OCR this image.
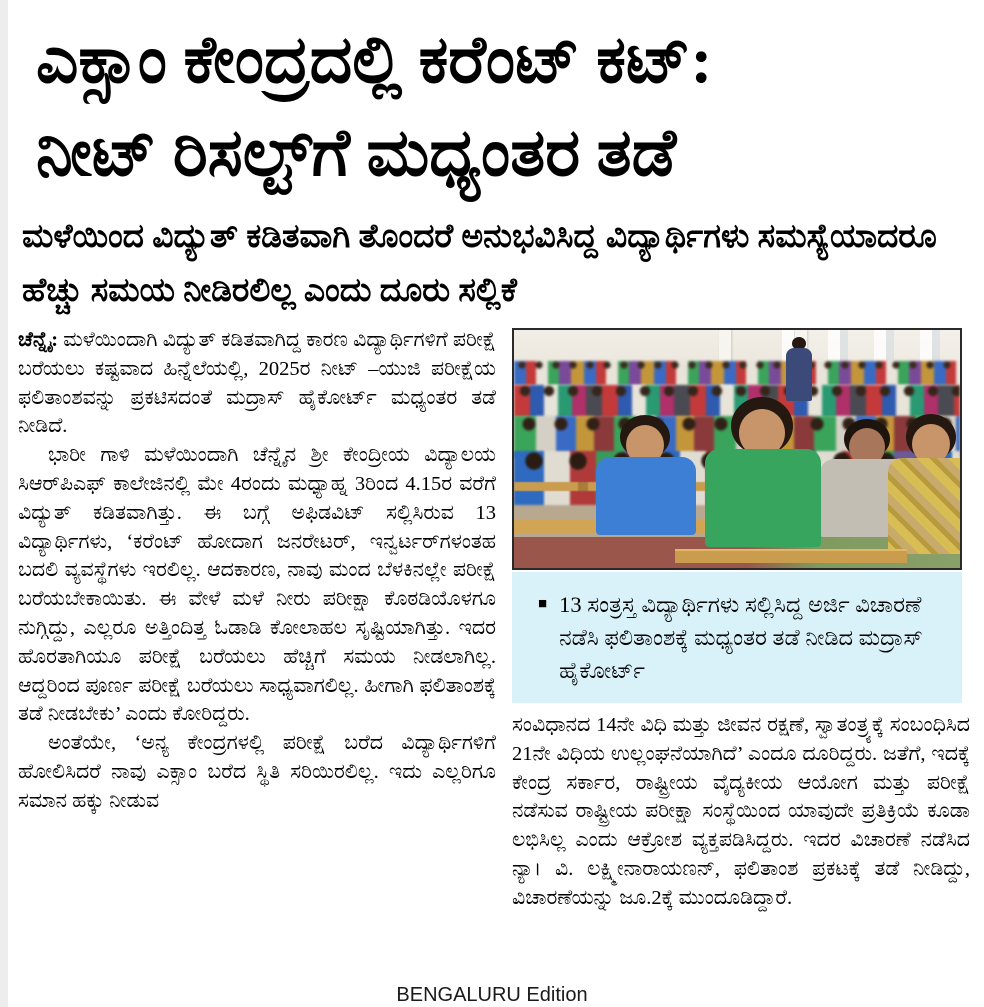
ಎಕ್ಸಾಂ ಕೇಂದ್ರದಲ್ಲಿ ಕರೆಂಟ್ ಕಟ್:
ನೀಟ್ ರಿಸಲ್ಟ್‌ಗೆ ಮಧ್ಯಂತರ ತಡೆ
ಮಳೆಯಿಂದ ವಿದ್ಯುತ್ ಕಡಿತವಾಗಿ ತೊಂದರೆ ಅನುಭವಿಸಿದ್ದ ವಿದ್ಯಾರ್ಥಿಗಳು ಸಮಸ್ಯೆಯಾದರೂ ಹೆಚ್ಚು ಸಮಯ ನೀಡಿರಲಿಲ್ಲ ಎಂದು ದೂರು ಸಲ್ಲಿಕೆ

ಚೆನ್ನೈ: ಮಳೆಯಿಂದಾಗಿ ವಿದ್ಯುತ್ ಕಡಿತವಾಗಿದ್ದ ಕಾರಣ ವಿದ್ಯಾರ್ಥಿಗಳಿಗೆ ಪರೀಕ್ಷೆ ಬರೆಯಲು ಕಷ್ಟವಾದ ಹಿನ್ನೆಲೆಯಲ್ಲಿ, 2025ರ ನೀಟ್ –ಯುಜಿ ಪರೀಕ್ಷೆಯ ಫಲಿತಾಂಶವನ್ನು ಪ್ರಕಟಿಸದಂತೆ ಮದ್ರಾಸ್ ಹೈಕೋರ್ಟ್ ಮಧ್ಯಂತರ ತಡೆ ನೀಡಿದೆ.

ಭಾರೀ ಗಾಳಿ ಮಳೆಯಿಂದಾಗಿ ಚೆನ್ನೈನ ಶ್ರೀ ಕೇಂದ್ರೀಯ ವಿದ್ಯಾಲಯ ಸಿಆರ್‌ಪಿಎಫ್ ಕಾಲೇಜಿನಲ್ಲಿ ಮೇ 4ರಂದು ಮಧ್ಯಾಹ್ನ 3ರಿಂದ 4.15ರ ವರೆಗೆ ವಿದ್ಯುತ್ ಕಡಿತವಾಗಿತ್ತು. ಈ ಬಗ್ಗೆ ಅಫಿಡವಿಟ್ ಸಲ್ಲಿಸಿರುವ 13 ವಿದ್ಯಾರ್ಥಿಗಳು, ‘ಕರೆಂಟ್ ಹೋದಾಗ ಜನರೇಟರ್, ಇನ್ವರ್ಟರ್‌ಗಳಂತಹ ಬದಲಿ ವ್ಯವಸ್ಥೆಗಳು ಇರಲಿಲ್ಲ. ಆದಕಾರಣ, ನಾವು ಮಂದ ಬೆಳಕಿನಲ್ಲೇ ಪರೀಕ್ಷೆ ಬರೆಯಬೇಕಾಯಿತು. ಈ ವೇಳೆ ಮಳೆ ನೀರು ಪರೀಕ್ಷಾ ಕೊಠಡಿಯೊಳಗೂ ನುಗ್ಗಿದ್ದು, ಎಲ್ಲರೂ ಅತ್ತಿಂದಿತ್ತ ಓಡಾಡಿ ಕೋಲಾಹಲ ಸೃಷ್ಟಿಯಾಗಿತ್ತು. ಇದರ ಹೊರತಾಗಿಯೂ ಪರೀಕ್ಷೆ ಬರೆಯಲು ಹೆಚ್ಚಿಗೆ ಸಮಯ ನೀಡಲಾಗಿಲ್ಲ. ಆದ್ದರಿಂದ ಪೂರ್ಣ ಪರೀಕ್ಷೆ ಬರೆಯಲು ಸಾಧ್ಯವಾಗಲಿಲ್ಲ. ಹೀಗಾಗಿ ಫಲಿತಾಂಶಕ್ಕೆ ತಡೆ ನೀಡಬೇಕು’ ಎಂದು ಕೋರಿದ್ದರು.

ಅಂತೆಯೇ, ‘ಅನ್ಯ ಕೇಂದ್ರಗಳಲ್ಲಿ ಪರೀಕ್ಷೆ ಬರೆದ ವಿದ್ಯಾರ್ಥಿಗಳಿಗೆ ಹೋಲಿಸಿದರೆ ನಾವು ಎಕ್ಸಾಂ ಬರೆದ ಸ್ಥಿತಿ ಸರಿಯಿರಲಿಲ್ಲ. ಇದು ಎಲ್ಲರಿಗೂ ಸಮಾನ ಹಕ್ಕು ನೀಡುವ

■ 13 ಸಂತ್ರಸ್ತ ವಿದ್ಯಾರ್ಥಿಗಳು ಸಲ್ಲಿಸಿದ್ದ ಅರ್ಜಿ ವಿಚಾರಣೆ ನಡೆಸಿ ಫಲಿತಾಂಶಕ್ಕೆ ಮಧ್ಯಂತರ ತಡೆ ನೀಡಿದ ಮದ್ರಾಸ್ ಹೈಕೋರ್ಟ್

ಸಂವಿಧಾನದ 14ನೇ ವಿಧಿ ಮತ್ತು ಜೀವನ ರಕ್ಷಣೆ, ಸ್ವಾತಂತ್ರ್ಯಕ್ಕೆ ಸಂಬಂಧಿಸಿದ 21ನೇ ವಿಧಿಯ ಉಲ್ಲಂಘನೆಯಾಗಿದೆ’ ಎಂದೂ ದೂರಿದ್ದರು. ಜತೆಗೆ, ಇದಕ್ಕೆ ಕೇಂದ್ರ ಸರ್ಕಾರ, ರಾಷ್ಟ್ರೀಯ ವೈದ್ಯಕೀಯ ಆಯೋಗ ಮತ್ತು ಪರೀಕ್ಷೆ ನಡೆಸುವ ರಾಷ್ಟ್ರೀಯ ಪರೀಕ್ಷಾ ಸಂಸ್ಥೆಯಿಂದ ಯಾವುದೇ ಪ್ರತಿಕ್ರಿಯೆ ಕೂಡಾ ಲಭಿಸಿಲ್ಲ ಎಂದು ಆಕ್ರೋಶ ವ್ಯಕ್ತಪಡಿಸಿದ್ದರು. ಇದರ ವಿಚಾರಣೆ ನಡೆಸಿದ ನ್ಯಾ। ವಿ. ಲಕ್ಷ್ಮೀನಾರಾಯಣನ್, ಫಲಿತಾಂಶ ಪ್ರಕಟಕ್ಕೆ ತಡೆ ನೀಡಿದ್ದು, ವಿಚಾರಣೆಯನ್ನು ಜೂ.2ಕ್ಕೆ ಮುಂದೂಡಿದ್ದಾರೆ.

BENGALURU Edition
